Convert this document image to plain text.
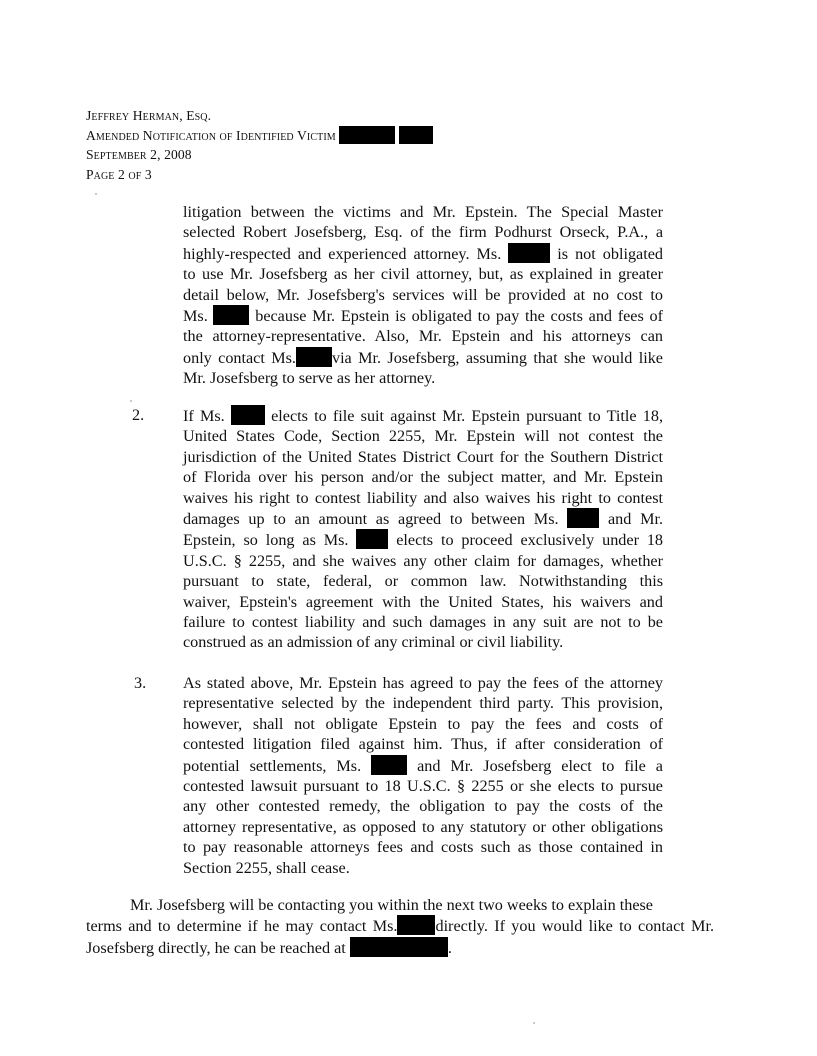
Jeffrey Herman, Esq.
Amended Notification of Identified Victim
September 2, 2008
Page 2 of 3
litigation between the victims and Mr. Epstein. The Special Master
selected Robert Josefsberg, Esq. of the firm Podhurst Orseck, P.A., a
highly-respected and experienced attorney. Ms.	is not obligated
to use Mr. Josefsberg as her civil attorney, but, as explained in greater
detail below, Mr. Josefsberg's services will be provided at no cost to
Ms.	because Mr. Epstein is obligated to pay the costs and fees of
the attorney-representative. Also, Mr. Epstein and his attorneys can
only contact Ms. via Mr. Josefsberg, assuming that she would like
Mr. Josefsberg to serve as her attorney.
2. If Ms.	elects to file suit against Mr. Epstein pursuant to Title 18,
United States Code, Section 2255, Mr. Epstein will not contest the
jurisdiction of the United States District Court for the Southern District
of Florida over his person and/or the subject matter, and Mr. Epstein
waives his right to contest liability and also waives his right to contest
damages up to an amount as agreed to between Ms.	and Mr.
Epstein, so long as Ms.	elects to proceed exclusively under 18
U.S.C. § 2255, and she waives any other claim for damages, whether
pursuant to state, federal, or common law. Notwithstanding this
waiver, Epstein's agreement with the United States, his waivers and
failure to contest liability and such damages in any suit are not to be
construed as an admission of any criminal or civil liability.
3. As stated above, Mr. Epstein has agreed to pay the fees of the attorney
representative selected by the independent third party. This provision,
however, shall not obligate Epstein to pay the fees and costs of
contested litigation filed against him. Thus, if after consideration of
potential settlements, Ms.	and Mr. Josefsberg elect to file a
contested lawsuit pursuant to 18 U.S.C. § 2255 or she elects to pursue
any other contested remedy, the obligation to pay the costs of the
attorney representative, as opposed to any statutory or other obligations
to pay reasonable attorneys fees and costs such as those contained in
Section 2255, shall cease.
Mr. Josefsberg will be contacting you within the next two weeks to explain these
terms and to determine if he may contact Ms. directly. If you would like to contact Mr.
Josefsberg directly, he can be reached at	.
